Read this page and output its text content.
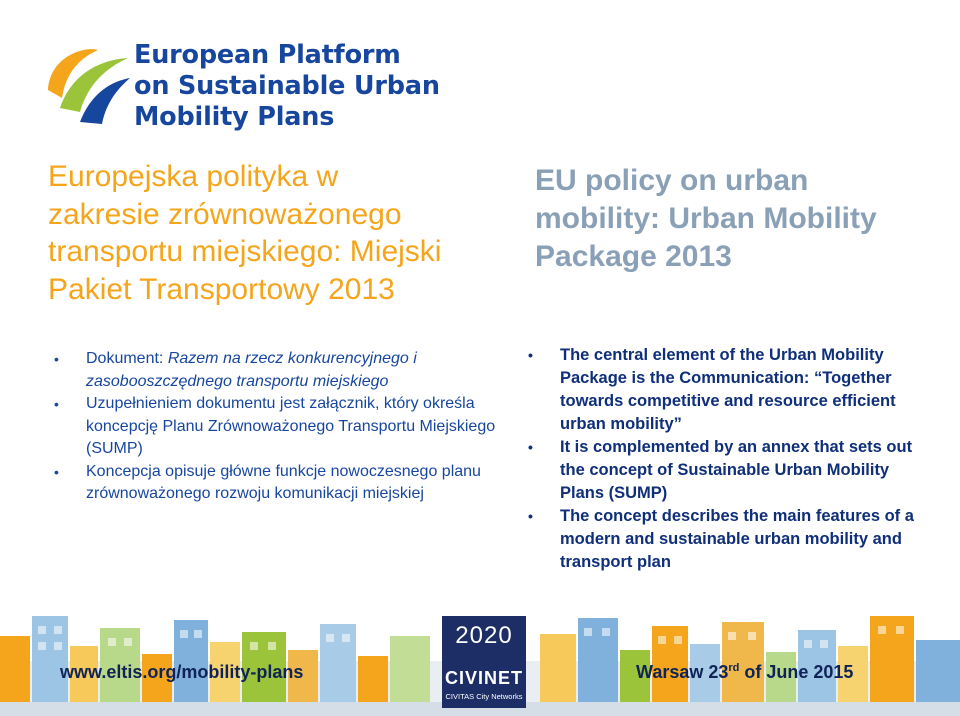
European Platform
on Sustainable Urban
Mobility Plans
Europejska polityka w
zakresie zrównoważonego
transportu miejskiego: Miejski
Pakiet Transportowy 2013
EU policy on urban
mobility: Urban Mobility
Package 2013
• Dokument: Razem na rzecz konkurencyjnego i zasobooszczędnego transportu miejskiego
• Uzupełnieniem dokumentu jest załącznik, który określa koncepcję Planu Zrównoważonego Transportu Miejskiego (SUMP)
• Koncepcja opisuje główne funkcje nowoczesnego planu zrównoważonego rozwoju komunikacji miejskiej
• The central element of the Urban Mobility Package is the Communication: “Together towards competitive and resource efficient urban mobility”
• It is complemented by an annex that sets out the concept of Sustainable Urban Mobility Plans (SUMP)
• The concept describes the main features of a modern and sustainable urban mobility and transport plan
2020
CIVINET
CIVITAS City Networks
www.eltis.org/mobility-plans	Warsaw 23rd of June 2015
